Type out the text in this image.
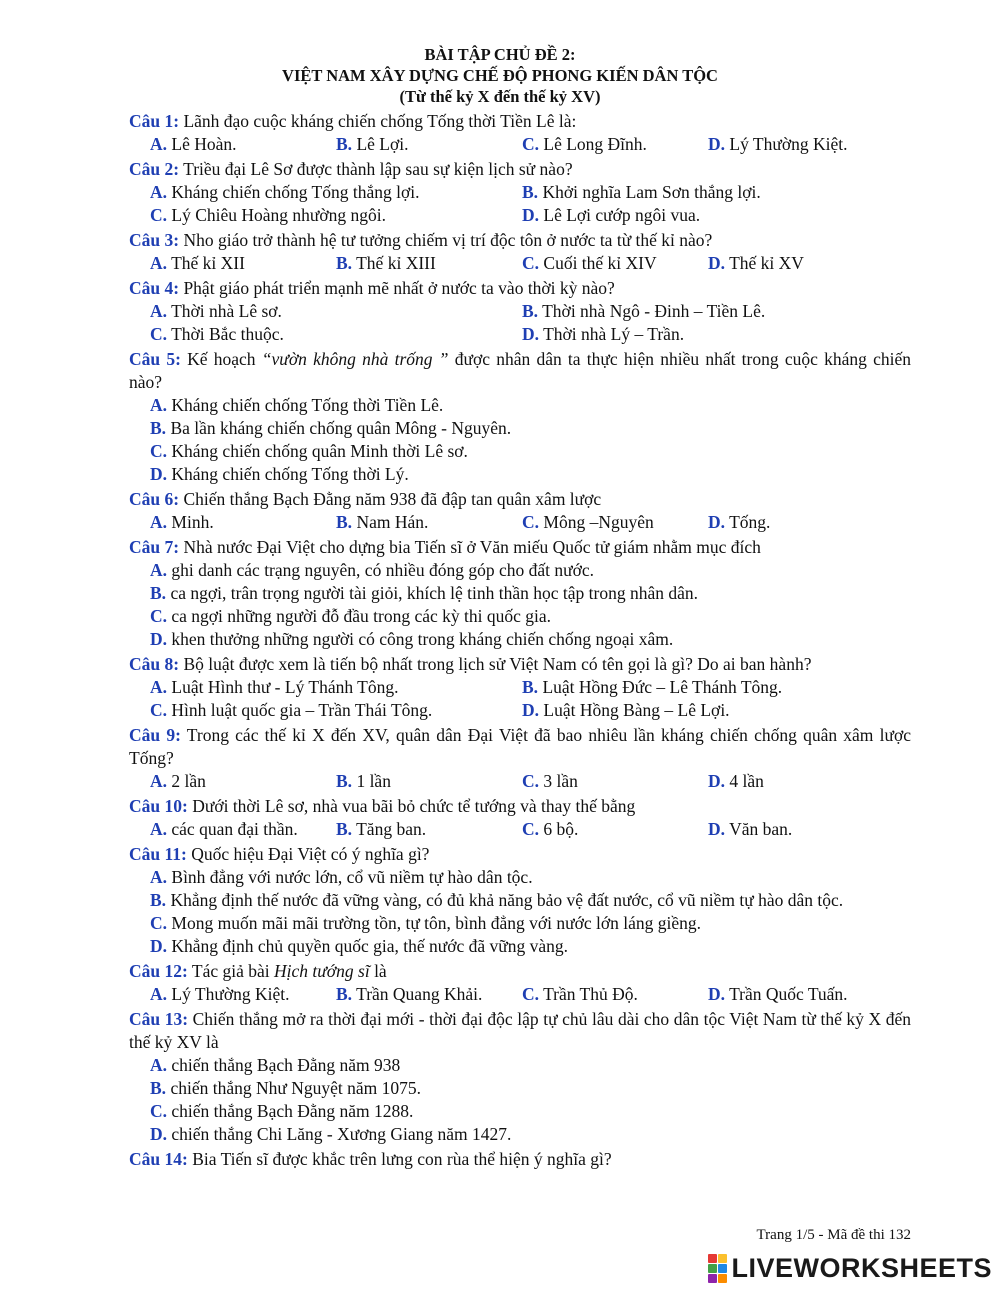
BÀI TẬP CHỦ ĐỀ 2:
VIỆT NAM XÂY DỰNG CHẾ ĐỘ PHONG KIẾN DÂN TỘC
(Từ thế kỷ X đến thế kỷ XV)
Câu 1: Lãnh đạo cuộc kháng chiến chống Tống thời Tiền Lê là:
A. Lê Hoàn.	B. Lê Lợi.	C. Lê Long Đĩnh.	D. Lý Thường Kiệt.
Câu 2: Triều đại Lê Sơ được thành lập sau sự kiện lịch sử nào?
A. Kháng chiến chống Tống thắng lợi.	B. Khởi nghĩa Lam Sơn thắng lợi.
C. Lý Chiêu Hoàng nhường ngôi.	D. Lê Lợi cướp ngôi vua.
Câu 3: Nho giáo trở thành hệ tư tưởng chiếm vị trí độc tôn ở nước ta từ thế kỉ nào?
A. Thế kỉ XII	B. Thế kỉ XIII	C. Cuối thế kỉ XIV	D. Thế kỉ XV
Câu 4: Phật giáo phát triển mạnh mẽ nhất ở nước ta vào thời kỳ nào?
A. Thời nhà Lê sơ.	B. Thời nhà Ngô - Đinh – Tiền Lê.
C. Thời Bắc thuộc.	D. Thời nhà Lý – Trần.
Câu 5: Kế hoạch “vườn không nhà trống ” được nhân dân ta thực hiện nhiều nhất trong cuộc kháng chiến nào?
A. Kháng chiến chống Tống thời Tiền Lê.
B. Ba lần kháng chiến chống quân Mông - Nguyên.
C. Kháng chiến chống quân Minh thời Lê sơ.
D. Kháng chiến chống Tống thời Lý.
Câu 6: Chiến thắng Bạch Đằng năm 938 đã đập tan quân xâm lược
A. Minh.	B. Nam Hán.	C. Mông –Nguyên	D. Tống.
Câu 7: Nhà nước Đại Việt cho dựng bia Tiến sĩ ở Văn miếu Quốc tử giám nhằm mục đích
A. ghi danh các trạng nguyên, có nhiều đóng góp cho đất nước.
B. ca ngợi, trân trọng người tài giỏi, khích lệ tinh thần học tập trong nhân dân.
C. ca ngợi những người đỗ đầu trong các kỳ thi quốc gia.
D. khen thưởng những người có công trong kháng chiến chống ngoại xâm.
Câu 8: Bộ luật được xem là tiến bộ nhất trong lịch sử Việt Nam có tên gọi là gì? Do ai ban hành?
A. Luật Hình thư - Lý Thánh Tông.	B. Luật Hồng Đức – Lê Thánh Tông.
C. Hình luật quốc gia – Trần Thái Tông.	D. Luật Hồng Bàng – Lê Lợi.
Câu 9: Trong các thế kỉ X đến XV, quân dân Đại Việt đã bao nhiêu lần kháng chiến chống quân xâm lược Tống?
A. 2 lần	B. 1 lần	C. 3 lần	D. 4 lần
Câu 10: Dưới thời Lê sơ, nhà vua bãi bỏ chức tể tướng và thay thế bằng
A. các quan đại thần.	B. Tăng ban.	C. 6 bộ.	D. Văn ban.
Câu 11: Quốc hiệu Đại Việt có ý nghĩa gì?
A. Bình đẳng với nước lớn, cổ vũ niềm tự hào dân tộc.
B. Khẳng định thế nước đã vững vàng, có đủ khả năng bảo vệ đất nước, cổ vũ niềm tự hào dân tộc.
C. Mong muốn mãi mãi trường tồn, tự tôn, bình đẳng với nước lớn láng giềng.
D. Khẳng định chủ quyền quốc gia, thế nước đã vững vàng.
Câu 12: Tác giả bài Hịch tướng sĩ là
A. Lý Thường Kiệt.	B. Trần Quang Khải.	C. Trần Thủ Độ.	D. Trần Quốc Tuấn.
Câu 13: Chiến thắng mở ra thời đại mới - thời đại độc lập tự chủ lâu dài cho dân tộc Việt Nam từ thế kỷ X đến thế kỷ XV là
A. chiến thắng Bạch Đằng năm 938
B. chiến thắng Như Nguyệt năm 1075.
C. chiến thắng Bạch Đằng năm 1288.
D. chiến thắng Chi Lăng - Xương Giang năm 1427.
Câu 14: Bia Tiến sĩ được khắc trên lưng con rùa thể hiện ý nghĩa gì?
Trang 1/5 - Mã đề thi 132
LIVEWORKSHEETS
